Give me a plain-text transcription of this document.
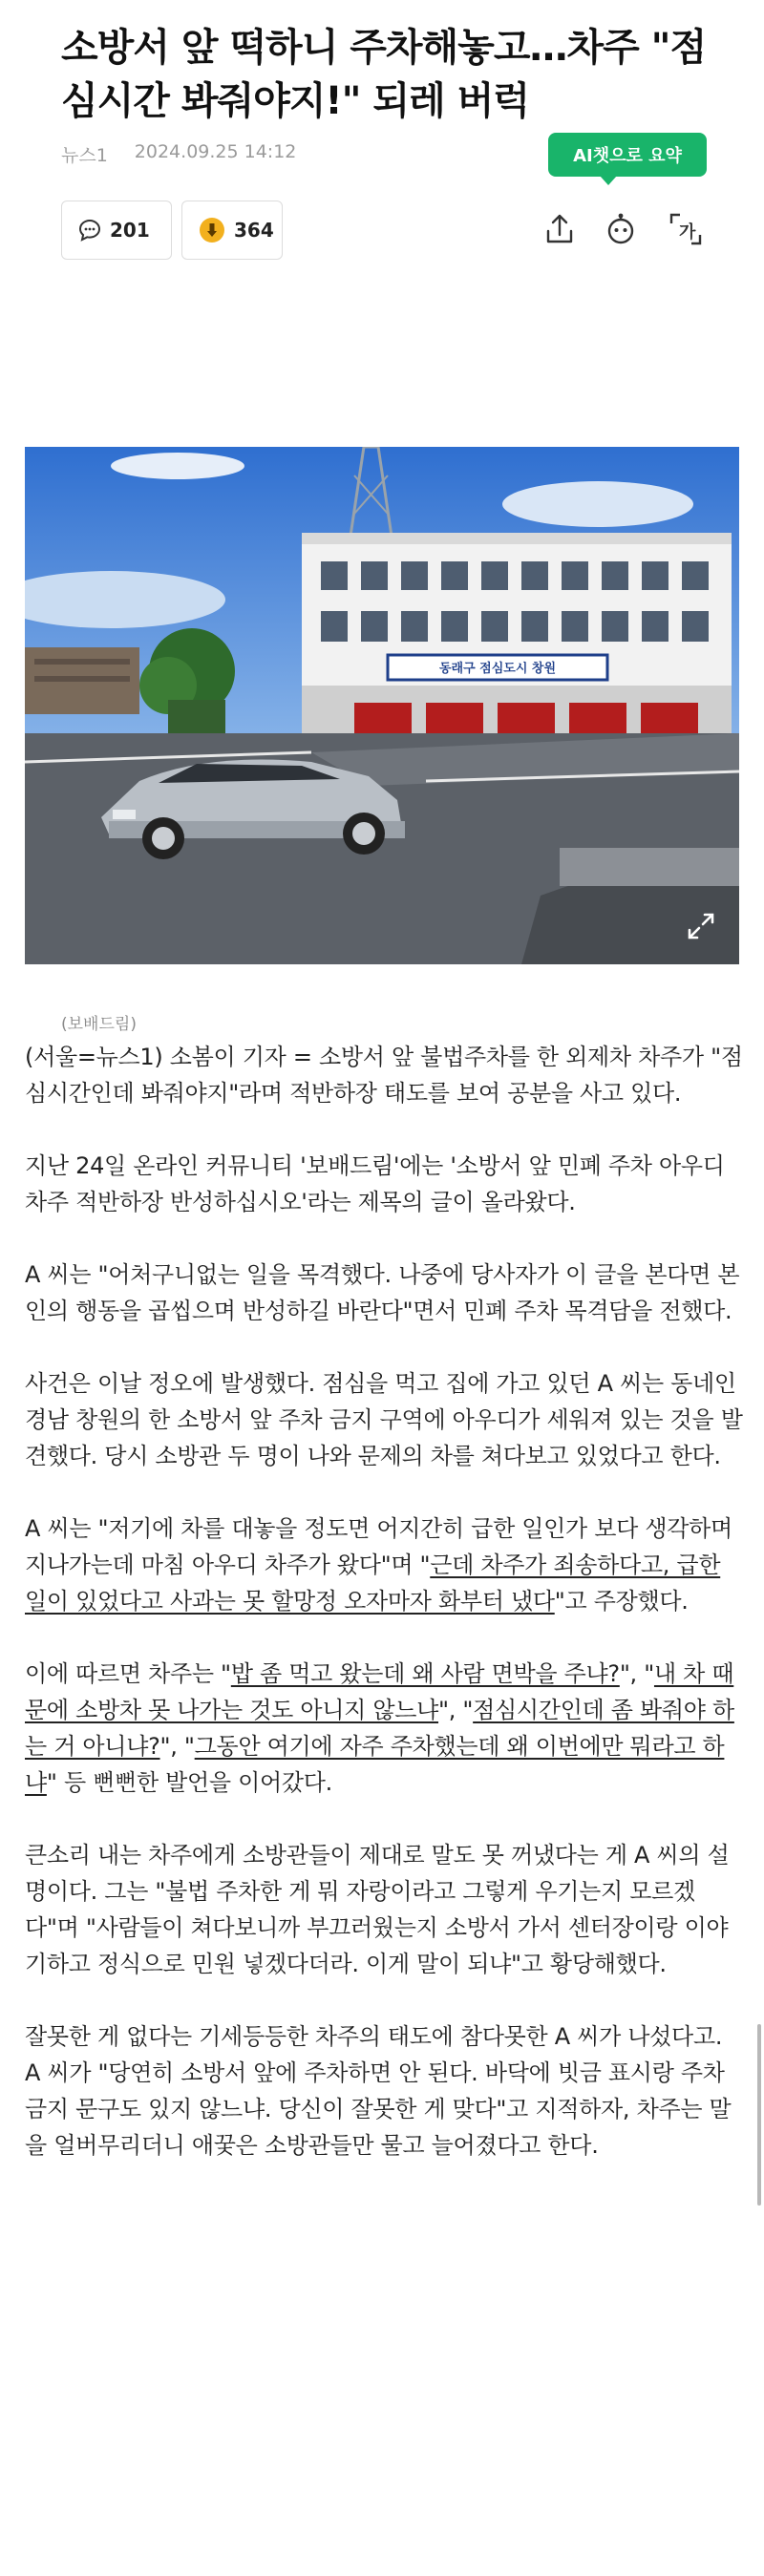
소방서 앞 떡하니 주차해놓고…차주 "점심시간 봐줘야지!" 되레 버럭
뉴스1 2024.09.25 14:12	AI챗으로 요약
201	364	가
동래구 점심도시 창원
(보배드림)

(서울=뉴스1) 소봄이 기자 = 소방서 앞 불법주차를 한 외제차 차주가 "점심시간인데 봐줘야지"라며 적반하장 태도를 보여 공분을 사고 있다.

지난 24일 온라인 커뮤니티 '보배드림'에는 '소방서 앞 민폐 주차 아우디 차주 적반하장 반성하십시오'라는 제목의 글이 올라왔다.

A 씨는 "어처구니없는 일을 목격했다. 나중에 당사자가 이 글을 본다면 본인의 행동을 곱씹으며 반성하길 바란다"면서 민폐 주차 목격담을 전했다.

사건은 이날 정오에 발생했다. 점심을 먹고 집에 가고 있던 A 씨는 동네인 경남 창원의 한 소방서 앞 주차 금지 구역에 아우디가 세워져 있는 것을 발견했다. 당시 소방관 두 명이 나와 문제의 차를 쳐다보고 있었다고 한다.

A 씨는 "저기에 차를 대놓을 정도면 어지간히 급한 일인가 보다 생각하며 지나가는데 마침 아우디 차주가 왔다"며 "근데 차주가 죄송하다고, 급한 일이 있었다고 사과는 못 할망정 오자마자 화부터 냈다"고 주장했다.

이에 따르면 차주는 "밥 좀 먹고 왔는데 왜 사람 면박을 주냐?", "내 차 때문에 소방차 못 나가는 것도 아니지 않느냐", "점심시간인데 좀 봐줘야 하는 거 아니냐?", "그동안 여기에 자주 주차했는데 왜 이번에만 뭐라고 하냐" 등 뻔뻔한 발언을 이어갔다.

큰소리 내는 차주에게 소방관들이 제대로 말도 못 꺼냈다는 게 A 씨의 설명이다. 그는 "불법 주차한 게 뭐 자랑이라고 그렇게 우기는지 모르겠다"며 "사람들이 쳐다보니까 부끄러웠는지 소방서 가서 센터장이랑 이야기하고 정식으로 민원 넣겠다더라. 이게 말이 되냐"고 황당해했다.

잘못한 게 없다는 기세등등한 차주의 태도에 참다못한 A 씨가 나섰다고. A 씨가 "당연히 소방서 앞에 주차하면 안 된다. 바닥에 빗금 표시랑 주차 금지 문구도 있지 않느냐. 당신이 잘못한 게 맞다"고 지적하자, 차주는 말을 얼버무리더니 애꿎은 소방관들만 물고 늘어졌다고 한다.
